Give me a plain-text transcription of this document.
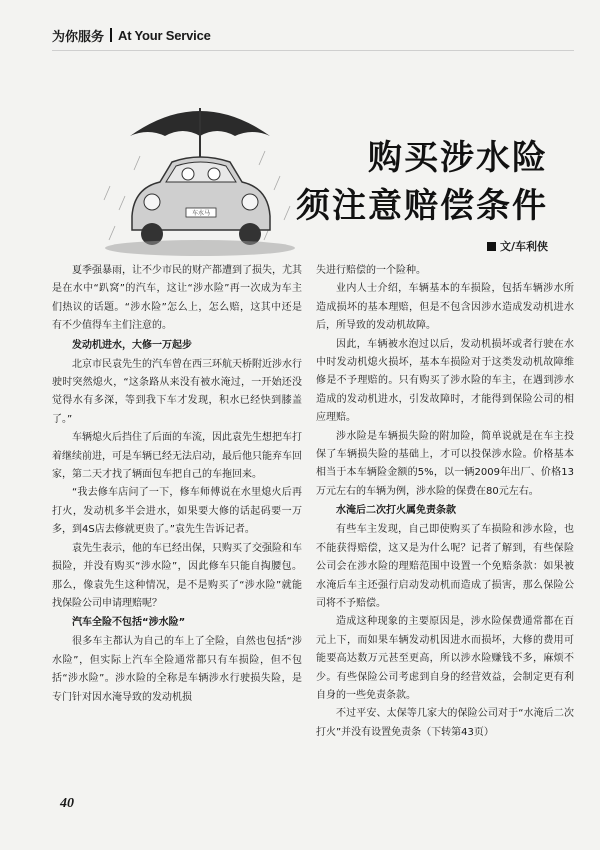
为你服务 At Your Service
车水马
购买涉水险
须注意赔偿条件
文/车利侠

夏季强暴雨，让不少市民的财产都遭到了损失，尤其是在水中“趴窝”的汽车，这让“涉水险”再一次成为车主们热议的话题。“涉水险”怎么上，怎么赔，这其中还是有不少值得车主们注意的。

发动机进水，大修一万起步

北京市民袁先生的汽车曾在西三环航天桥附近涉水行驶时突然熄火，“这条路从来没有被水淹过，一开始还没觉得水有多深，等到我下车才发现，积水已经快到膝盖了。”

车辆熄火后挡住了后面的车流，因此袁先生想把车打着继续前进，可是车辆已经无法启动，最后他只能弃车回家，第二天才找了辆面包车把自己的车拖回来。

“我去修车店问了一下，修车师傅说在水里熄火后再打火，发动机多半会进水，如果要大修的话起码要一万多，到4S店去修就更贵了。”袁先生告诉记者。

袁先生表示，他的车已经出保，只购买了交强险和车损险，并没有购买“涉水险”，因此修车只能自掏腰包。那么，像袁先生这种情况，是不是购买了“涉水险”就能找保险公司申请理赔呢？

汽车全险不包括“涉水险”

很多车主都认为自己的车上了全险，自然也包括“涉水险”，但实际上汽车全险通常都只有车损险，但不包括“涉水险”。涉水险的全称是车辆涉水行驶损失险，是专门针对因水淹导致的发动机损

失进行赔偿的一个险种。

业内人士介绍，车辆基本的车损险，包括车辆涉水所造成损坏的基本理赔，但是不包含因涉水造成发动机进水后，所导致的发动机故障。

因此，车辆被水泡过以后，发动机损坏或者行驶在水中时发动机熄火损坏，基本车损险对于这类发动机故障维修是不予理赔的。只有购买了涉水险的车主，在遇到涉水造成的发动机进水，引发故障时，才能得到保险公司的相应理赔。

涉水险是车辆损失险的附加险，简单说就是在车主投保了车辆损失险的基础上，才可以投保涉水险。价格基本相当于本车辆险金额的5%，以一辆2009年出厂、价格13万元左右的车辆为例，涉水险的保费在80元左右。

水淹后二次打火属免责条款

有些车主发现，自己即使购买了车损险和涉水险，也不能获得赔偿，这又是为什么呢？记者了解到，有些保险公司会在涉水险的理赔范围中设置一个免赔条款：如果被水淹后车主还强行启动发动机而造成了损害，那么保险公司将不予赔偿。

造成这种现象的主要原因是，涉水险保费通常都在百元上下，而如果车辆发动机因进水而损坏，大修的费用可能要高达数万元甚至更高，所以涉水险赚钱不多，麻烦不少。有些保险公司考虑到自身的经营效益，会制定更有利自身的一些免责条款。

不过平安、太保等几家大的保险公司对于“水淹后二次打火”并没有设置免责条（下转第43页）

40
